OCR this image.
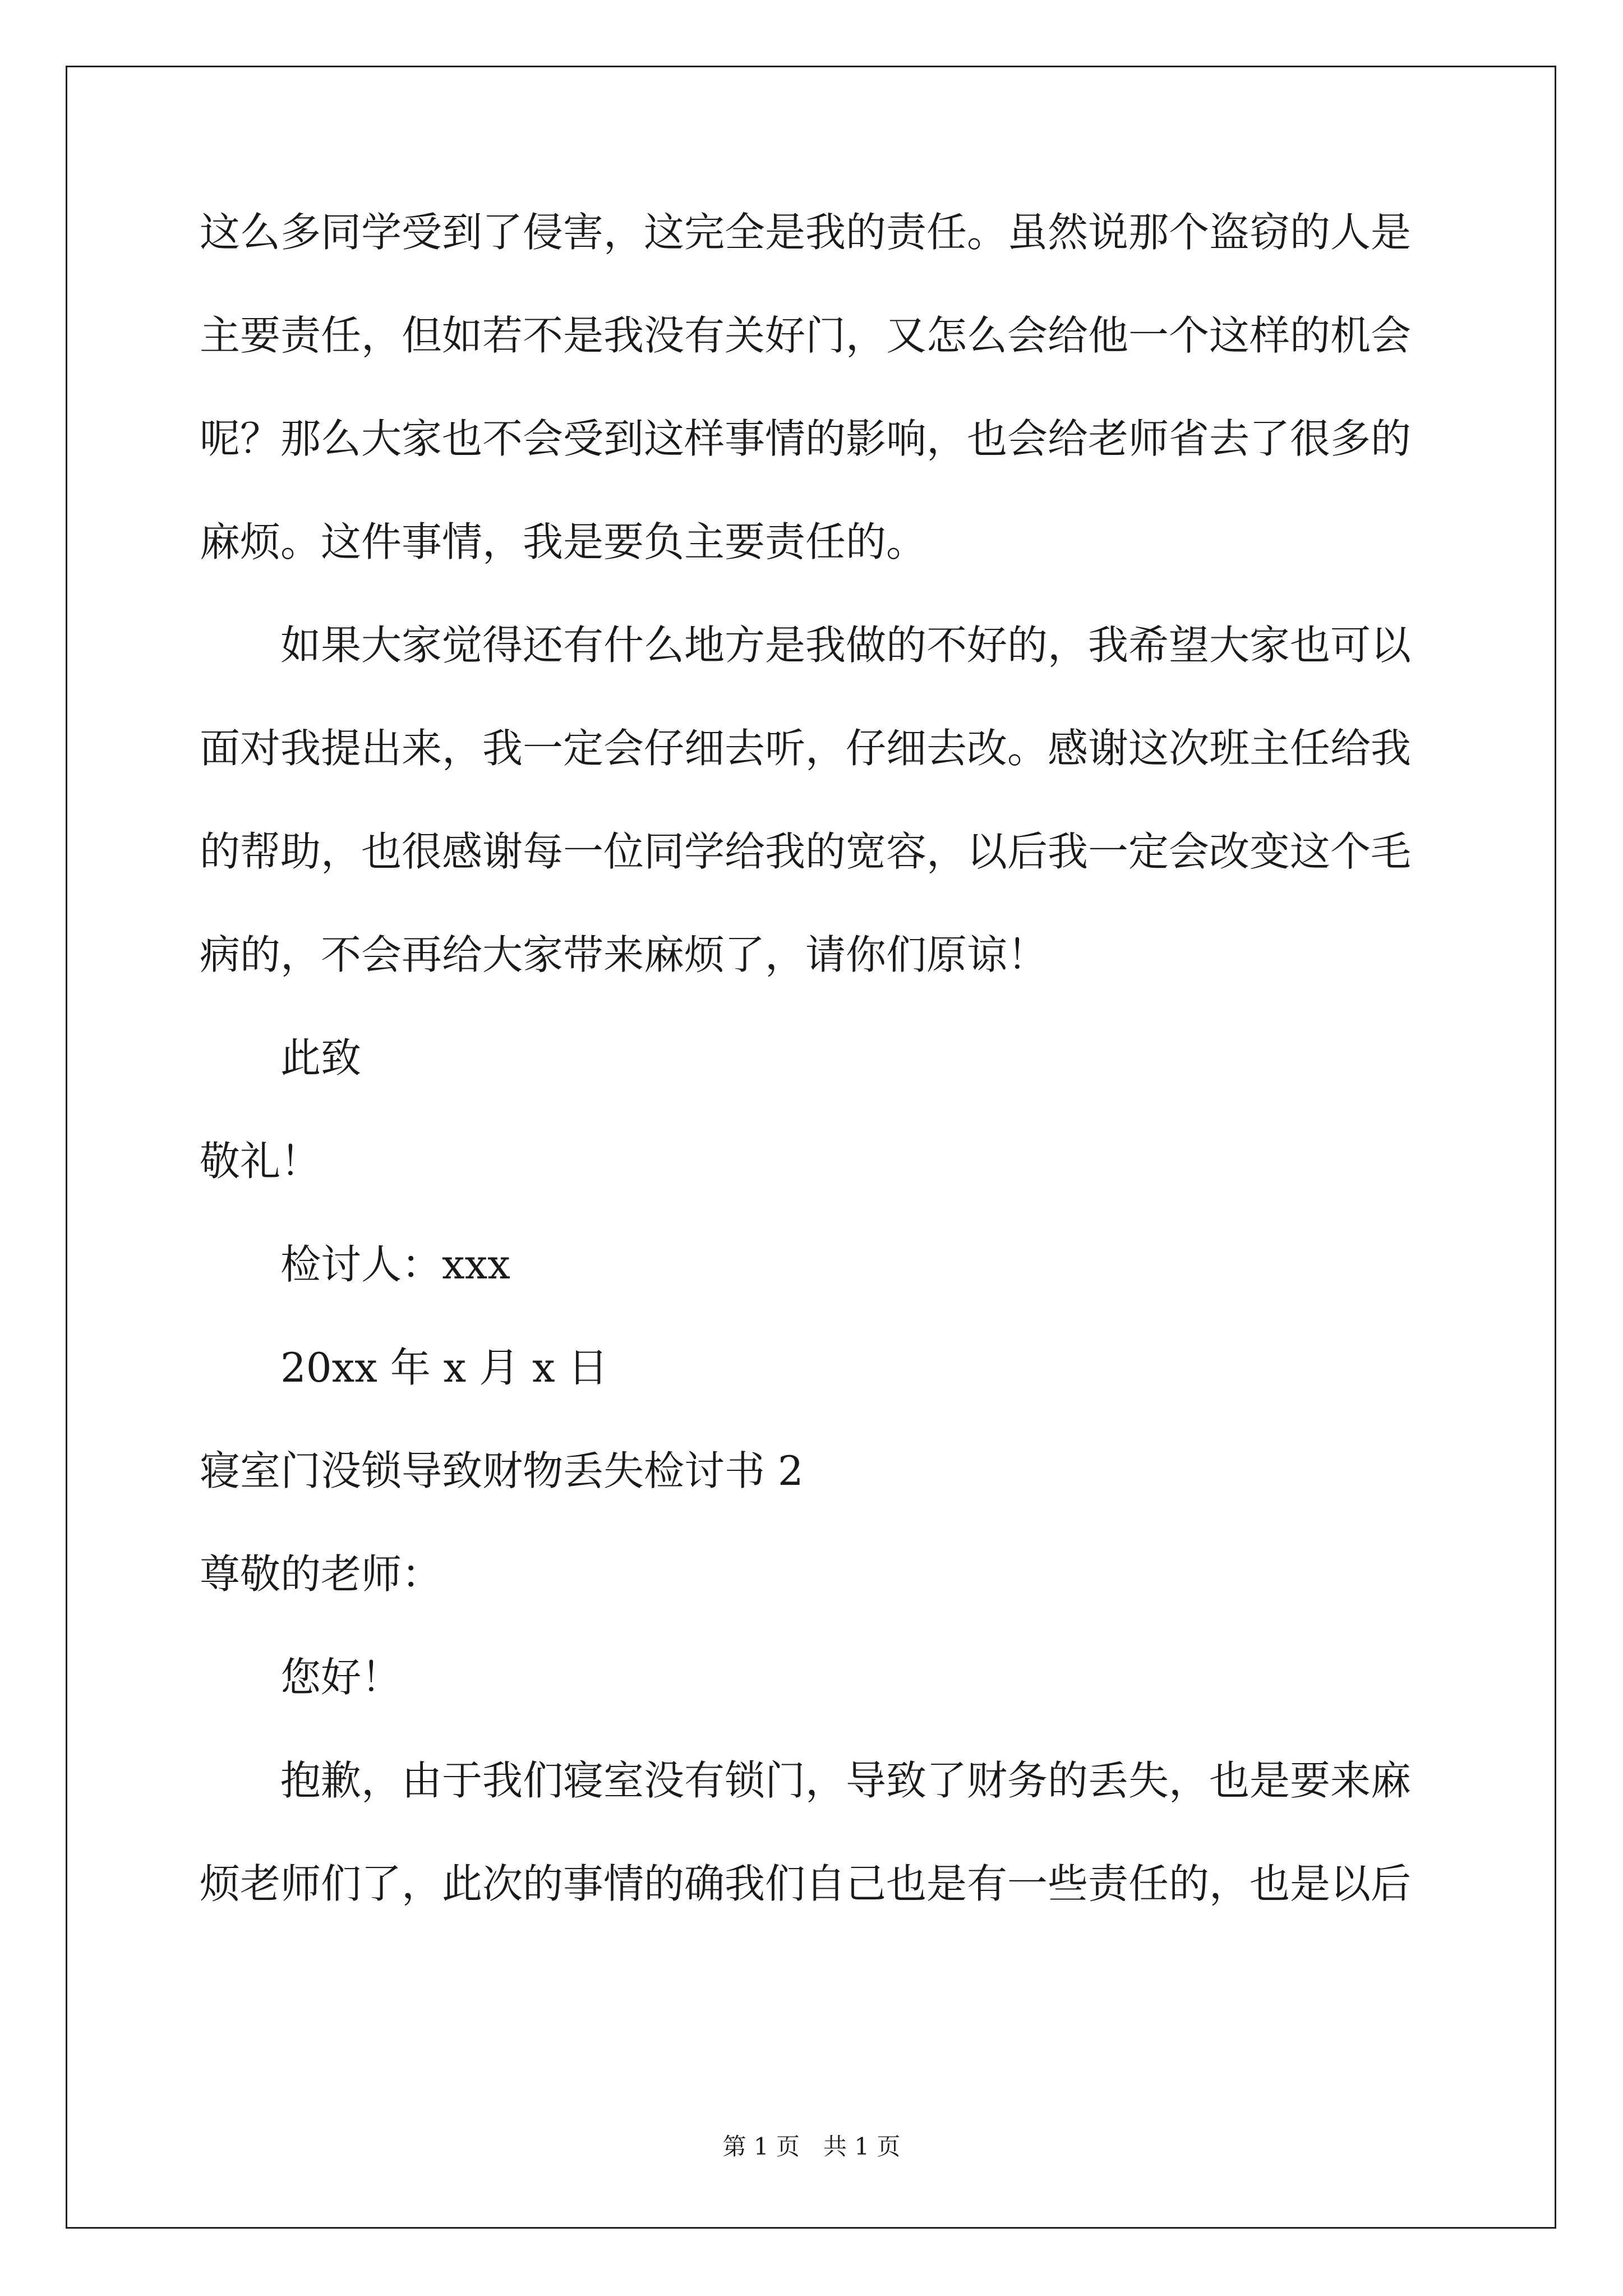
这么多同学受到了侵害，这完全是我的责任。虽然说那个盗窃的人是
主要责任，但如若不是我没有关好门，又怎么会给他一个这样的机会
呢？那么大家也不会受到这样事情的影响，也会给老师省去了很多的
麻烦。这件事情，我是要负主要责任的。
如果大家觉得还有什么地方是我做的不好的，我希望大家也可以
面对我提出来，我一定会仔细去听，仔细去改。感谢这次班主任给我
的帮助，也很感谢每一位同学给我的宽容，以后我一定会改变这个毛
病的，不会再给大家带来麻烦了，请你们原谅！
此致
敬礼！
检讨人：xxx
20xx 年 x 月 x 日
寝室门没锁导致财物丢失检讨书 2
尊敬的老师：
您好！
抱歉，由于我们寝室没有锁门，导致了财务的丢失，也是要来麻
烦老师们了，此次的事情的确我们自己也是有一些责任的，也是以后
第 1 页　共 1 页
